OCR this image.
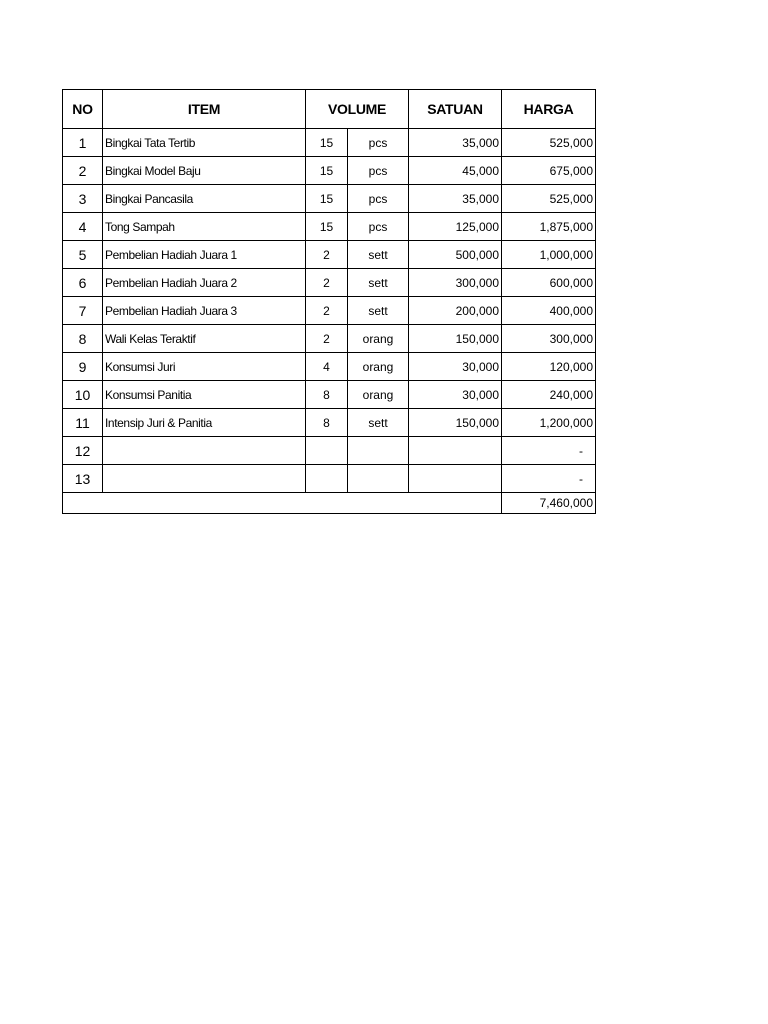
NO	ITEM	VOLUME		SATUAN	HARGA
1	Bingkai Tata Tertib	15	pcs	35,000	525,000
2	Bingkai Model Baju	15	pcs	45,000	675,000
3	Bingkai Pancasila	15	pcs	35,000	525,000
4	Tong Sampah	15	pcs	125,000	1,875,000
5	Pembelian Hadiah Juara 1	2	sett	500,000	1,000,000
6	Pembelian Hadiah Juara 2	2	sett	300,000	600,000
7	Pembelian Hadiah Juara 3	2	sett	200,000	400,000
8	Wali Kelas Teraktif	2	orang	150,000	300,000
9	Konsumsi Juri	4	orang	30,000	120,000
10	Konsumsi Panitia	8	orang	30,000	240,000
11	Intensip Juri & Panitia	8	sett	150,000	1,200,000
12					-
13					-
					7,460,000
